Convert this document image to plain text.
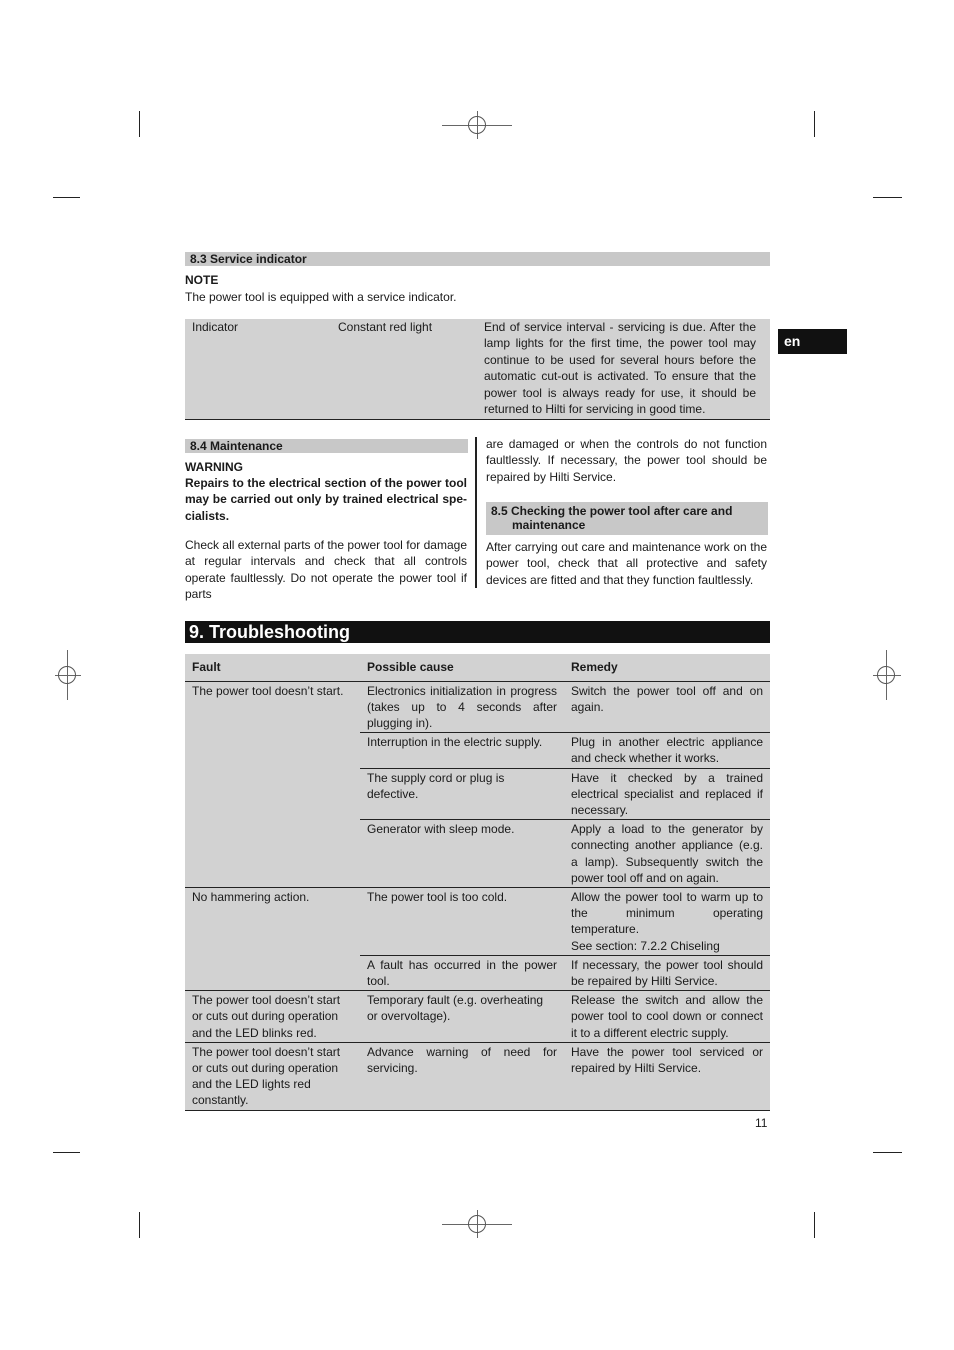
8.3 Service indicator
NOTE
The power tool is equipped with a service indicator.
Indicator	Constant red light	End of service interval - servicing is due. After the lamp lights for the first time, the power tool may continue to be used for several hours before the automatic cut-out is activated. To ensure that the power tool is always ready for use, it should be returned to Hilti for servicing in good time.
en
8.4 Maintenance
WARNING
Repairs to the electrical section of the power tool may be carried out only by trained electrical spe-cialists.
Check all external parts of the power tool for damage at regular intervals and check that all controls operate faultlessly. Do not operate the power tool if parts
are damaged or when the controls do not function faultlessly. If necessary, the power tool should be repaired by Hilti Service.
8.5 Checking the power tool after care and
maintenance
After carrying out care and maintenance work on the power tool, check that all protective and safety devices are fitted and that they function faultlessly.
9. Troubleshooting
Fault	Possible cause	Remedy
The power tool doesn’t start.	Electronics initialization in progress (takes up to 4 seconds after plugging in).	Switch the power tool off and on again.
	Interruption in the electric supply.	Plug in another electric appliance and check whether it works.
	The supply cord or plug is defective.	Have it checked by a trained electrical specialist and replaced if necessary.
	Generator with sleep mode.	Apply a load to the generator by connecting another appliance (e.g. a lamp). Subsequently switch the power tool off and on again.
No hammering action.	The power tool is too cold.	Allow the power tool to warm up to the minimum operating temperature.
See section: 7.2.2 Chiseling

	A fault has occurred in the power tool.	If necessary, the power tool should be repaired by Hilti Service.
The power tool doesn’t start or cuts out during operation and the LED blinks red.	Temporary fault (e.g. overheating or overvoltage).	Release the switch and allow the power tool to cool down or connect it to a different electric supply.
The power tool doesn’t start or cuts out during operation and the LED lights red constantly.	Advance warning of need for servicing.	Have the power tool serviced or repaired by Hilti Service.
11
